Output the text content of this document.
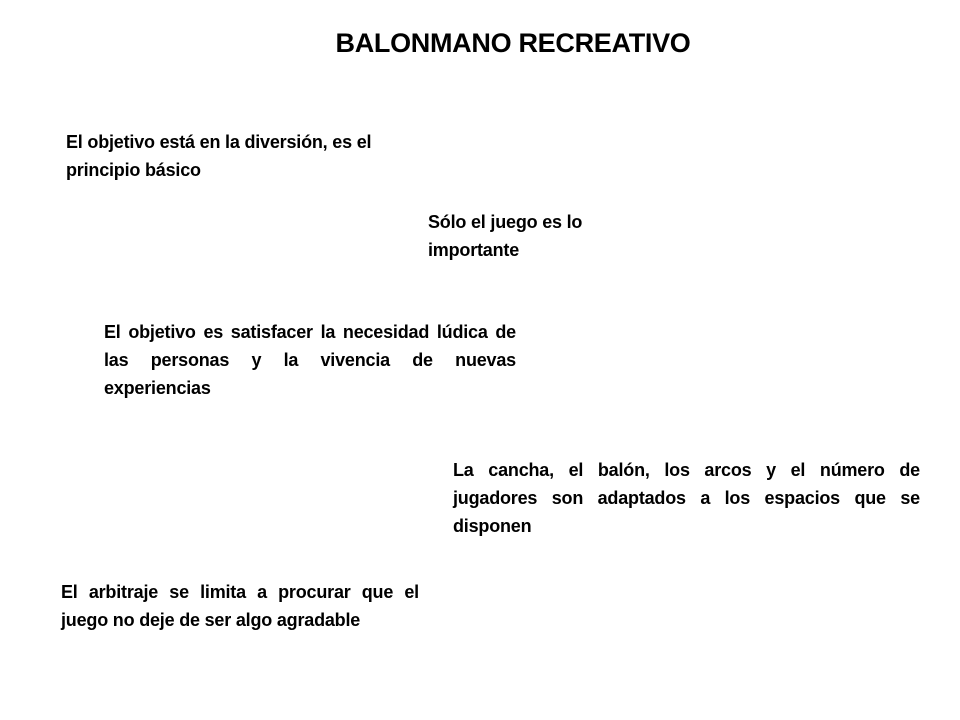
BALONMANO RECREATIVO
El objetivo está en la diversión, es el principio básico
Sólo el juego es lo importante
El objetivo es satisfacer la necesidad lúdica de las personas y la vivencia de nuevas experiencias
La cancha, el balón, los arcos y el número de jugadores son adaptados a los espacios que se disponen
El arbitraje se limita a procurar que el juego no deje de ser algo agradable
